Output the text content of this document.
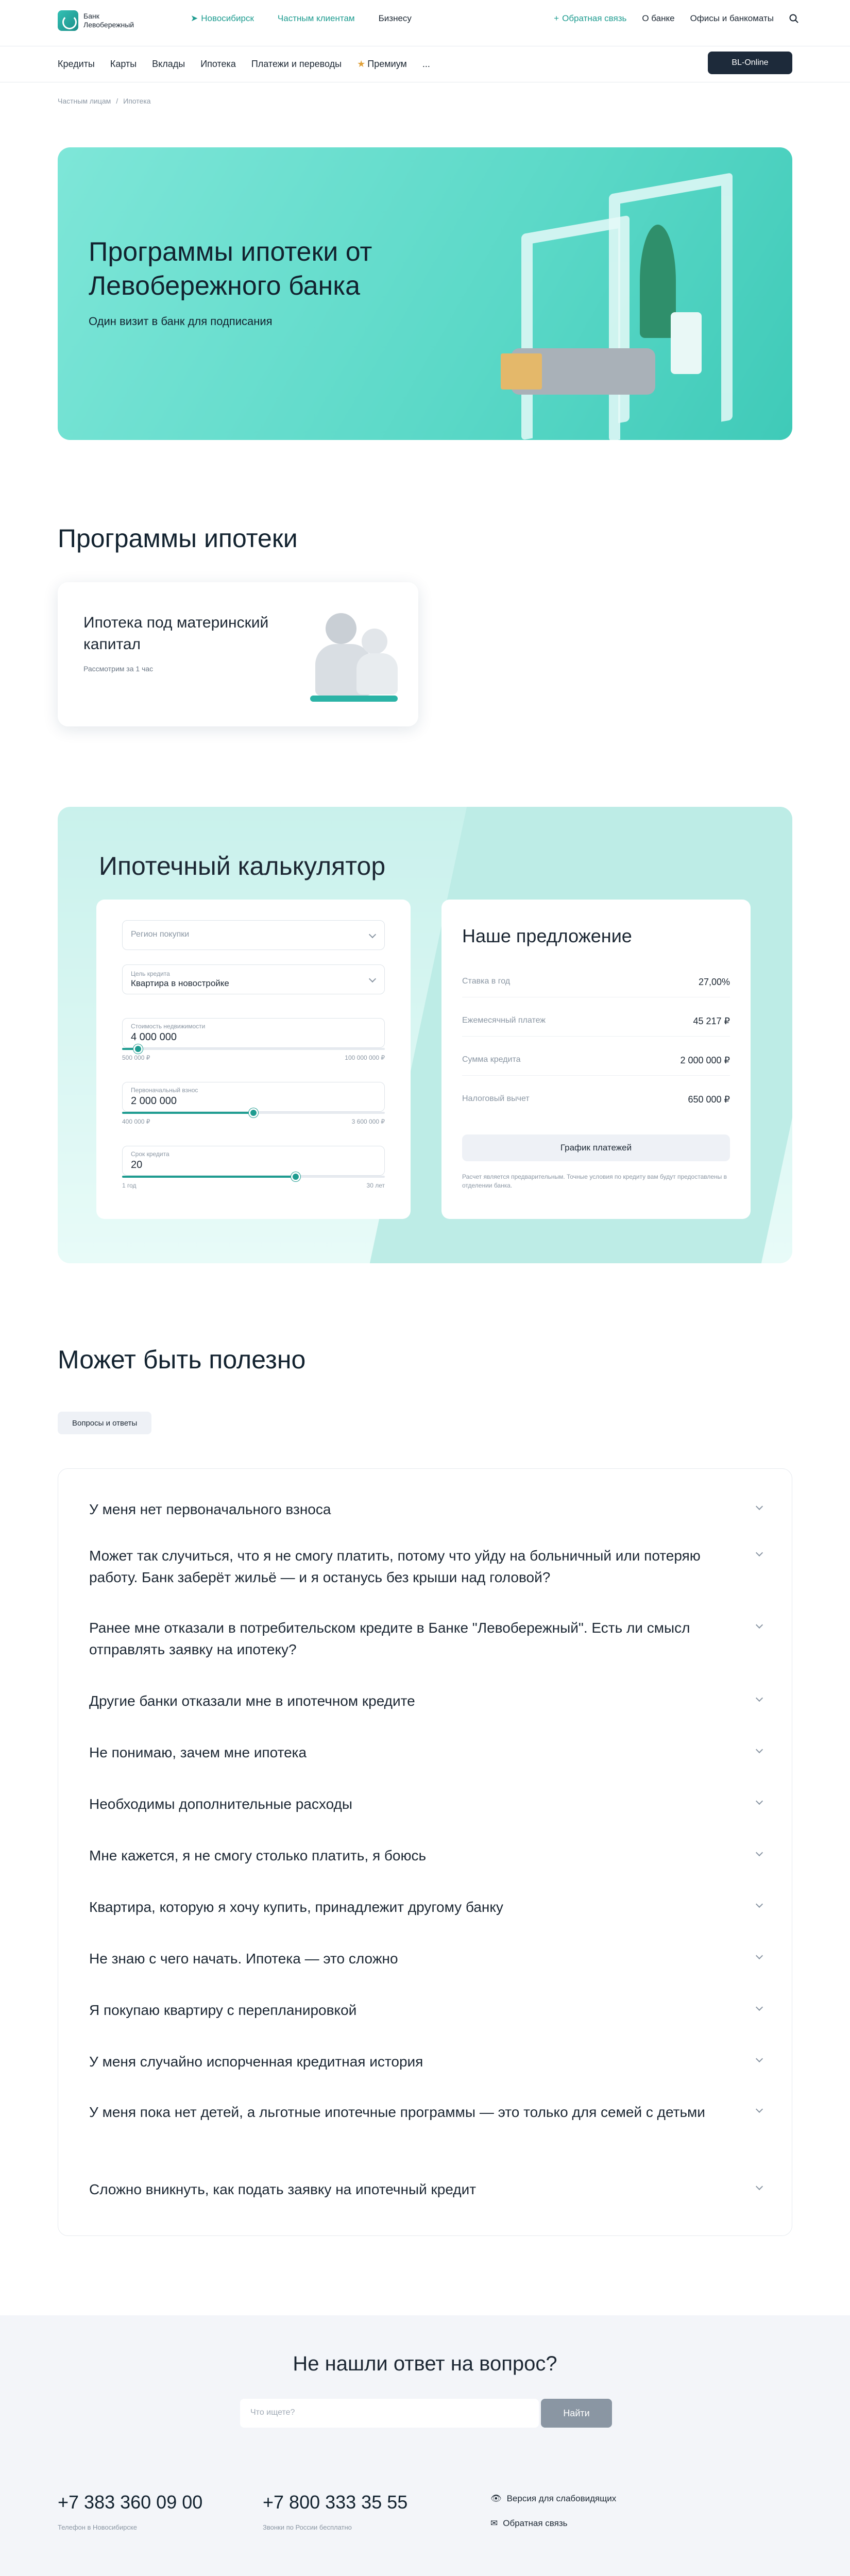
Банк Левобережный
➤ Новосибирск	Частным клиентам	Бизнесу	+ Обратная связь О банке Офисы и банкоматы
Кредиты Карты Вклады Ипотека Платежи и переводы ★ Премиум ...	BL-Online
Частным лицам / Ипотека
Программы ипотеки от Левобережного банка

Один визит в банк для подписания

Программы ипотеки
Ипотека под материнский капитал
Рассмотрим за 1 час
Ипотечный калькулятор
Регион покупки
Цель кредита
Квартира в новостройке
Стоимость недвижимости
4 000 000
500 000 ₽	100 000 000 ₽
Первоначальный взнос
2 000 000
400 000 ₽	3 600 000 ₽
Срок кредита
20
1 год	30 лет
Наше предложение
Ставка в год	27,00%
Ежемесячный платеж	45 217 ₽
Сумма кредита	2 000 000 ₽
Налоговый вычет	650 000 ₽
График платежей
Расчет является предварительным. Точные условия по кредиту вам будут предоставлены в отделении банка.
Может быть полезно
Вопросы и ответы
У меня нет первоначального взноса
Может так случиться, что я не смогу платить, потому что уйду на больничный или потеряю работу. Банк заберёт жильё — и я останусь без крыши над головой?
Ранее мне отказали в потребительском кредите в Банке "Левобережный". Есть ли смысл отправлять заявку на ипотеку?
Другие банки отказали мне в ипотечном кредите
Не понимаю, зачем мне ипотека
Необходимы дополнительные расходы
Мне кажется, я не смогу столько платить, я боюсь
Квартира, которую я хочу купить, принадлежит другому банку
Не знаю с чего начать. Ипотека — это сложно
Я покупаю квартиру с перепланировкой
У меня случайно испорченная кредитная история
У меня пока нет детей, а льготные ипотечные программы — это только для семей с детьми
Сложно вникнуть, как подать заявку на ипотечный кредит
Не нашли ответ на вопрос?
Что ищете?	Найти
+7 383 360 09 00
Телефон в Новосибирске
+7 800 333 35 55
Звонки по России бесплатно
👁 Версия для слабовидящих
✉ Обратная связь
